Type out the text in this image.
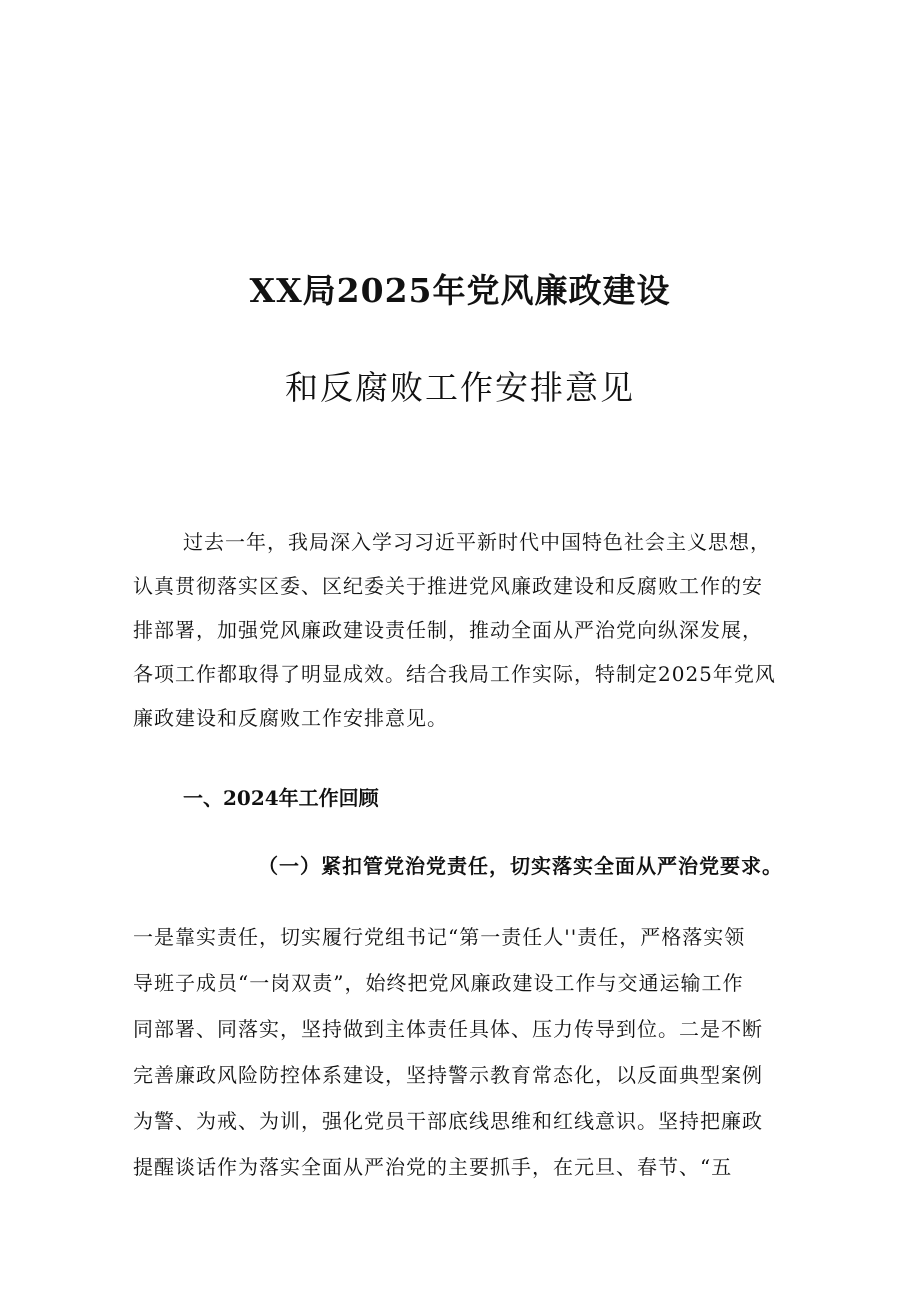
XX局2025年党风廉政建设
和反腐败工作安排意见
过去一年，我局深入学习习近平新时代中国特色社会主义思想，
认真贯彻落实区委、区纪委关于推进党风廉政建设和反腐败工作的安
排部署，加强党风廉政建设责任制，推动全面从严治党向纵深发展，
各项工作都取得了明显成效。结合我局工作实际，特制定2025年党风
廉政建设和反腐败工作安排意见。
一、2024年工作回顾
（一）紧扣管党治党责任，切实落实全面从严治党要求。
一是靠实责任，切实履行党组书记“第一责任人''责任，严格落实领
导班子成员“一岗双责”，始终把党风廉政建设工作与交通运输工作
同部署、同落实，坚持做到主体责任具体、压力传导到位。二是不断
完善廉政风险防控体系建设，坚持警示教育常态化，以反面典型案例
为警、为戒、为训，强化党员干部底线思维和红线意识。坚持把廉政
提醒谈话作为落实全面从严治党的主要抓手，在元旦、春节、“五
